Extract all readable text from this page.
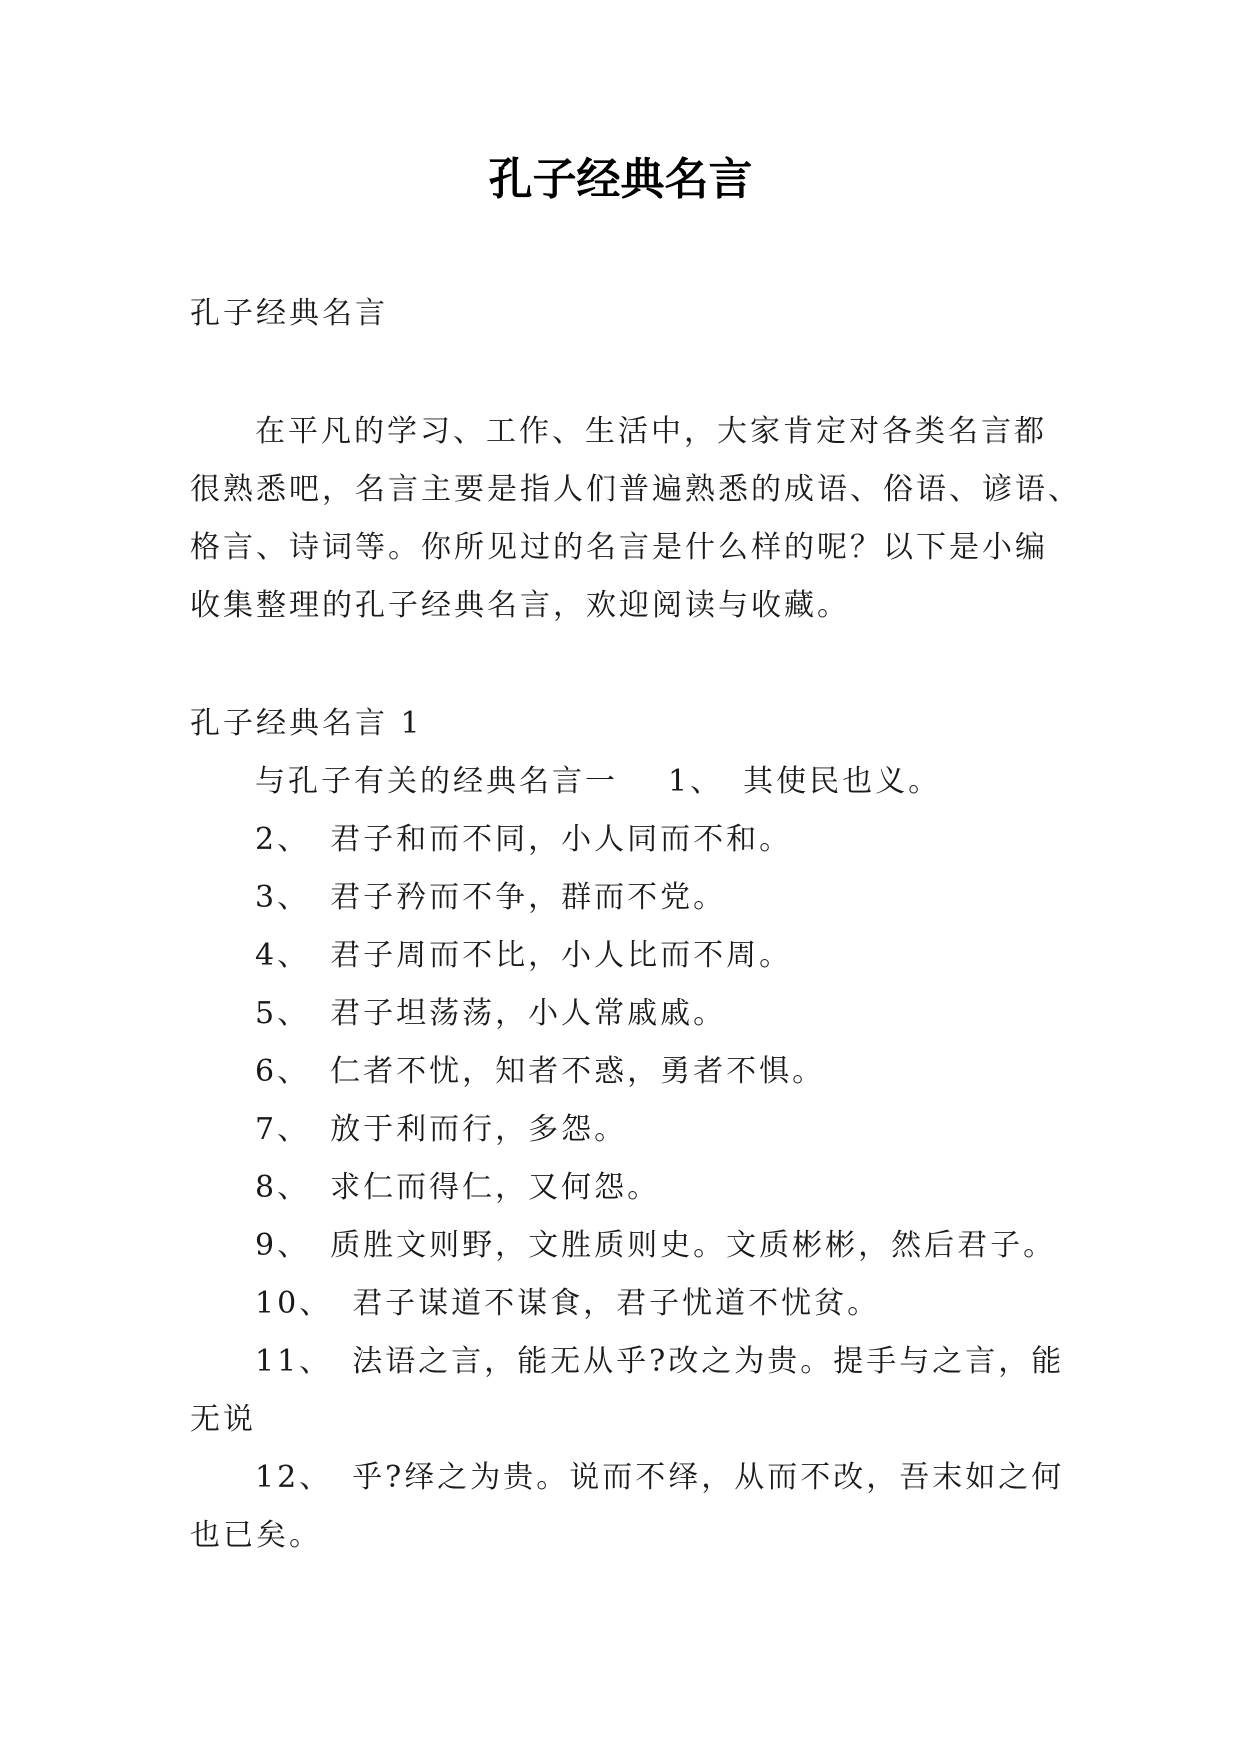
孔子经典名言
孔子经典名言
在平凡的学习、工作、生活中，大家肯定对各类名言都
很熟悉吧，名言主要是指人们普遍熟悉的成语、俗语、谚语、
格言、诗词等。你所见过的名言是什么样的呢？以下是小编
收集整理的孔子经典名言，欢迎阅读与收藏。
孔子经典名言 1
与孔子有关的经典名言一 1、 其使民也义。
2、 君子和而不同，小人同而不和。
3、 君子矜而不争，群而不党。
4、 君子周而不比，小人比而不周。
5、 君子坦荡荡，小人常戚戚。
6、 仁者不忧，知者不惑，勇者不惧。
7、 放于利而行，多怨。
8、 求仁而得仁，又何怨。
9、 质胜文则野，文胜质则史。文质彬彬，然后君子。
10、 君子谋道不谋食，君子忧道不忧贫。
11、 法语之言，能无从乎?改之为贵。提手与之言，能
无说
12、 乎?绎之为贵。说而不绎，从而不改，吾末如之何
也已矣。
